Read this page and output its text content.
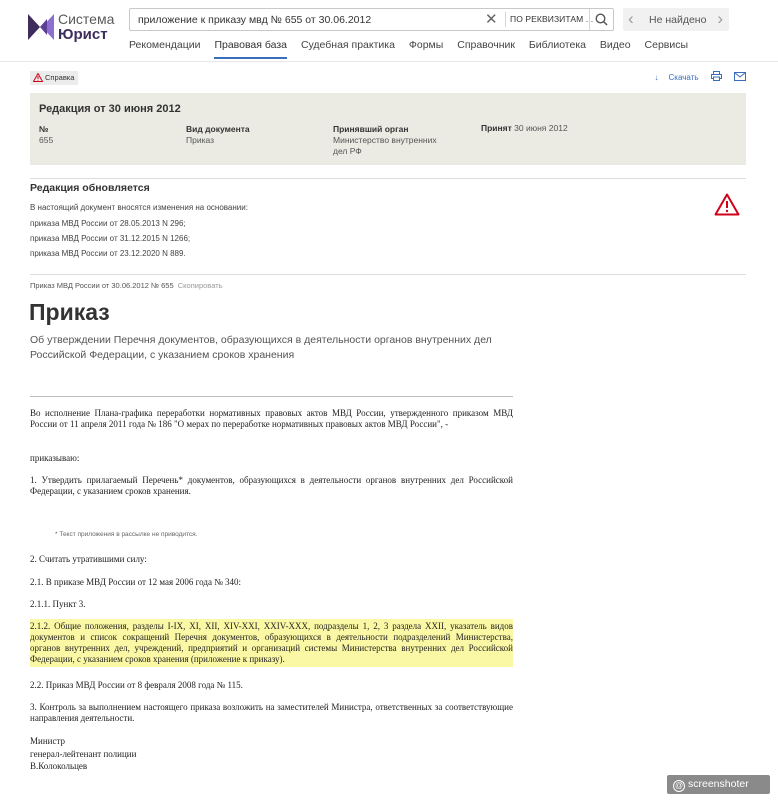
Система
Юрист
приложение к приказу мвд № 655 от 30.06.2012
✕ ПО РЕКВИЗИТАМ ... ‹ Не найдено ›
Рекомендации Правовая база Судебная практика Формы Справочник Библиотека Видео Сервисы
Справка	↓ Скачать
Редакция от 30 июня 2012
№
655
Вид документа
Приказ
Принявший орган
Министерство внутренних
дел РФ
Принят 30 июня 2012
Редакция обновляется
В настоящий документ вносятся изменения на основании:
приказа МВД России от 28.05.2013 N 296;
приказа МВД России от 31.12.2015 N 1266;
приказа МВД России от 23.12.2020 N 889.
Приказ МВД России от 30.06.2012 № 655 Скопировать
Приказ
Об утверждении Перечня документов, образующихся в деятельности органов внутренних дел Российской Федерации, с указанием сроков хранения
Во исполнение Плана-графика переработки нормативных правовых актов МВД России, утвержденного приказом МВД России от 11 апреля 2011 года № 186 "О мерах по переработке нормативных правовых актов МВД России", -
приказываю:
1. Утвердить прилагаемый Перечень* документов, образующихся в деятельности органов внутренних дел Российской Федерации, с указанием сроков хранения.
* Текст приложения в рассылке не приводится.
2. Считать утратившими силу:
2.1. В приказе МВД России от 12 мая 2006 года № 340:
2.1.1. Пункт 3.
2.1.2. Общие положения, разделы I-IX, XI, XII, XIV-XXI, XXIV-XXX, подразделы 1, 2, 3 раздела XXII, указатель видов документов и список сокращений Перечня документов, образующихся в деятельности подразделений Министерства, органов внутренних дел, учреждений, предприятий и организаций системы Министерства внутренних дел Российской Федерации, с указанием сроков хранения (приложение к приказу).
2.2. Приказ МВД России от 8 февраля 2008 года № 115.
3. Контроль за выполнением настоящего приказа возложить на заместителей Министра, ответственных за соответствующие направления деятельности.
Министр
генерал-лейтенант полиции
В.Колокольцев
@ screenshoter
